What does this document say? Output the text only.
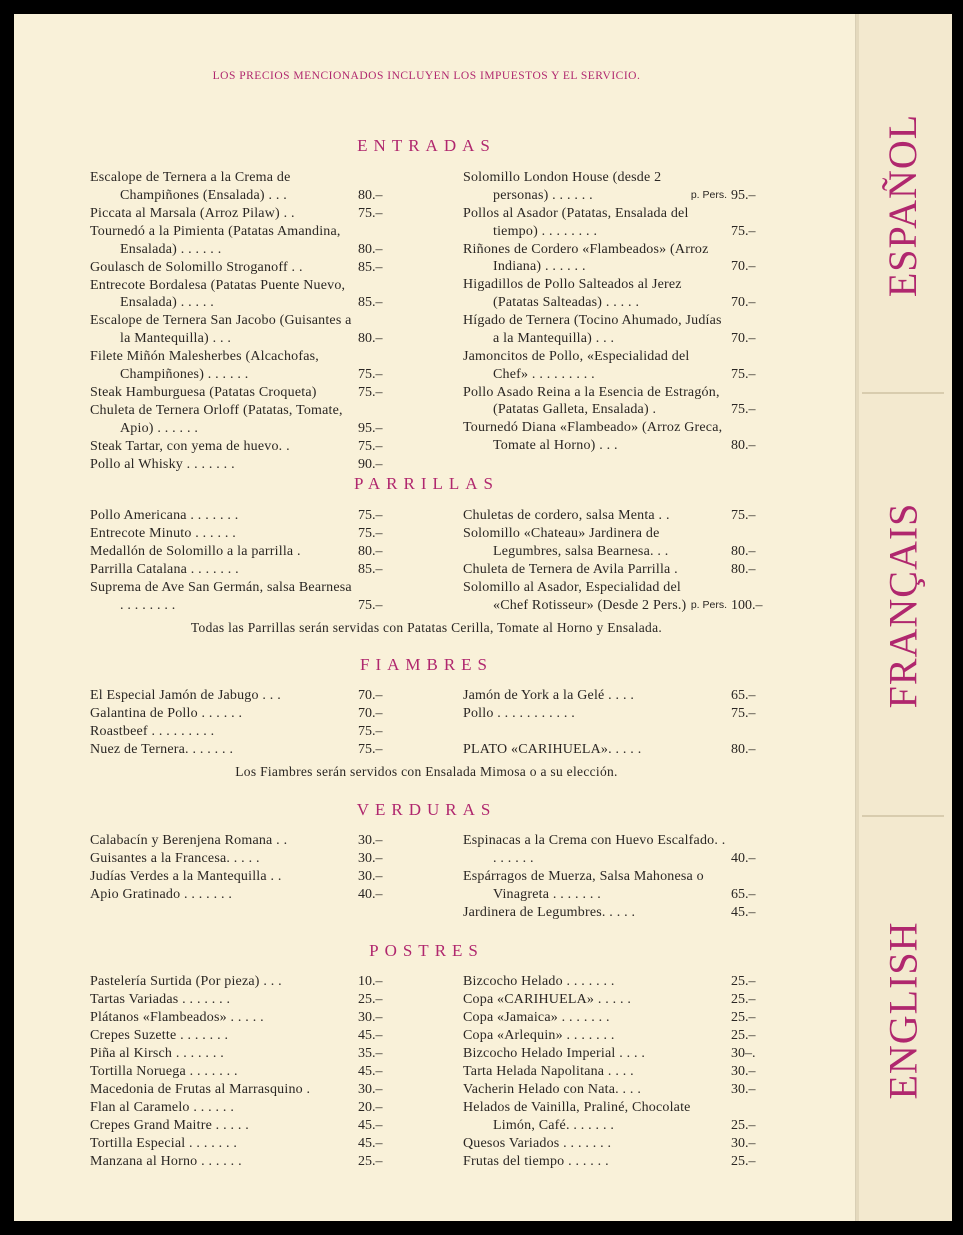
ESPAÑOL
FRANÇAIS
ENGLISH
LOS PRECIOS MENCIONADOS INCLUYEN LOS IMPUESTOS Y EL SERVICIO.
ENTRADAS
Escalope de Ternera a la Crema de Champiñones (Ensalada) . . .	80.–
Piccata al Marsala (Arroz Pilaw) . .	75.–
Tournedó a la Pimienta (Patatas Amandina, Ensalada) . . . . . .	80.–
Goulasch de Solomillo Stroganoff . .	85.–
Entrecote Bordalesa (Patatas Puente Nuevo, Ensalada) . . . . .	85.–
Escalope de Ternera San Jacobo (Guisantes a la Mantequilla) . . .	80.–
Filete Miñón Malesherbes (Alcachofas, Champiñones) . . . . . .	75.–
Steak Hamburguesa (Patatas Croqueta)	75.–
Chuleta de Ternera Orloff (Patatas, Tomate, Apio) . . . . . .	95.–
Steak Tartar, con yema de huevo. .	75.–
Pollo al Whisky . . . . . . .	90.–
Solomillo London House (desde 2 personas) . . . . . .	p. Pers. 95.–
Pollos al Asador (Patatas, Ensalada del tiempo) . . . . . . . .	75.–
Riñones de Cordero «Flambeados» (Arroz Indiana) . . . . . .	70.–
Higadillos de Pollo Salteados al Jerez (Patatas Salteadas) . . . . .	70.–
Hígado de Ternera (Tocino Ahumado, Judías a la Mantequilla) . . .	70.–
Jamoncitos de Pollo, «Especialidad del Chef» . . . . . . . . .	75.–
Pollo Asado Reina a la Esencia de Estragón, (Patatas Galleta, Ensalada) .	75.–
Tournedó Diana «Flambeado» (Arroz Greca, Tomate al Horno) . . .	80.–
PARRILLAS
Pollo Americana . . . . . . .	75.–
Entrecote Minuto . . . . . .	75.–
Medallón de Solomillo a la parrilla .	80.–
Parrilla Catalana . . . . . . .	85.–
Suprema de Ave San Germán, salsa Bearnesa . . . . . . . .	75.–
Chuletas de cordero, salsa Menta . .	75.–
Solomillo «Chateau» Jardinera de Legumbres, salsa Bearnesa. . .	80.–
Chuleta de Ternera de Avila Parrilla .	80.–
Solomillo al Asador, Especialidad del «Chef Rotisseur» (Desde 2 Pers.) p. Pers. 100.–
Todas las Parrillas serán servidas con Patatas Cerilla, Tomate al Horno y Ensalada.
FIAMBRES
El Especial Jamón de Jabugo . . .	70.–
Galantina de Pollo . . . . . .	70.–
Roastbeef . . . . . . . . .	75.–
Nuez de Ternera. . . . . . .	75.–
Jamón de York a la Gelé . . . .	65.–
Pollo . . . . . . . . . . .	75.–

PLATO «CARIHUELA». . . . .	80.–
Los Fiambres serán servidos con Ensalada Mimosa o a su elección.
VERDURAS
Calabacín y Berenjena Romana . .	30.–
Guisantes a la Francesa. . . . .	30.–
Judías Verdes a la Mantequilla . .	30.–
Apio Gratinado . . . . . . .	40.–
Espinacas a la Crema con Huevo Escalfado. . . . . . . .	40.–
Espárragos de Muerza, Salsa Mahonesa o Vinagreta . . . . . . .	65.–
Jardinera de Legumbres. . . . .	45.–
POSTRES
Pastelería Surtida (Por pieza) . . .	10.–
Tartas Variadas . . . . . . .	25.–
Plátanos «Flambeados» . . . . .	30.–
Crepes Suzette . . . . . . .	45.–
Piña al Kirsch . . . . . . .	35.–
Tortilla Noruega . . . . . . .	45.–
Macedonia de Frutas al Marrasquino .	30.–
Flan al Caramelo . . . . . .	20.–
Crepes Grand Maitre . . . . .	45.–
Tortilla Especial . . . . . . .	45.–
Manzana al Horno . . . . . .	25.–
Bizcocho Helado . . . . . . .	25.–
Copa «CARIHUELA» . . . . .	25.–
Copa «Jamaica» . . . . . . .	25.–
Copa «Arlequin» . . . . . . .	25.–
Bizcocho Helado Imperial . . . .	30–.
Tarta Helada Napolitana . . . .	30.–
Vacherin Helado con Nata. . . .	30.–
Helados de Vainilla, Praliné, Chocolate Limón, Café. . . . . . .	25.–
Quesos Variados . . . . . . .	30.–
Frutas del tiempo . . . . . .	25.–
